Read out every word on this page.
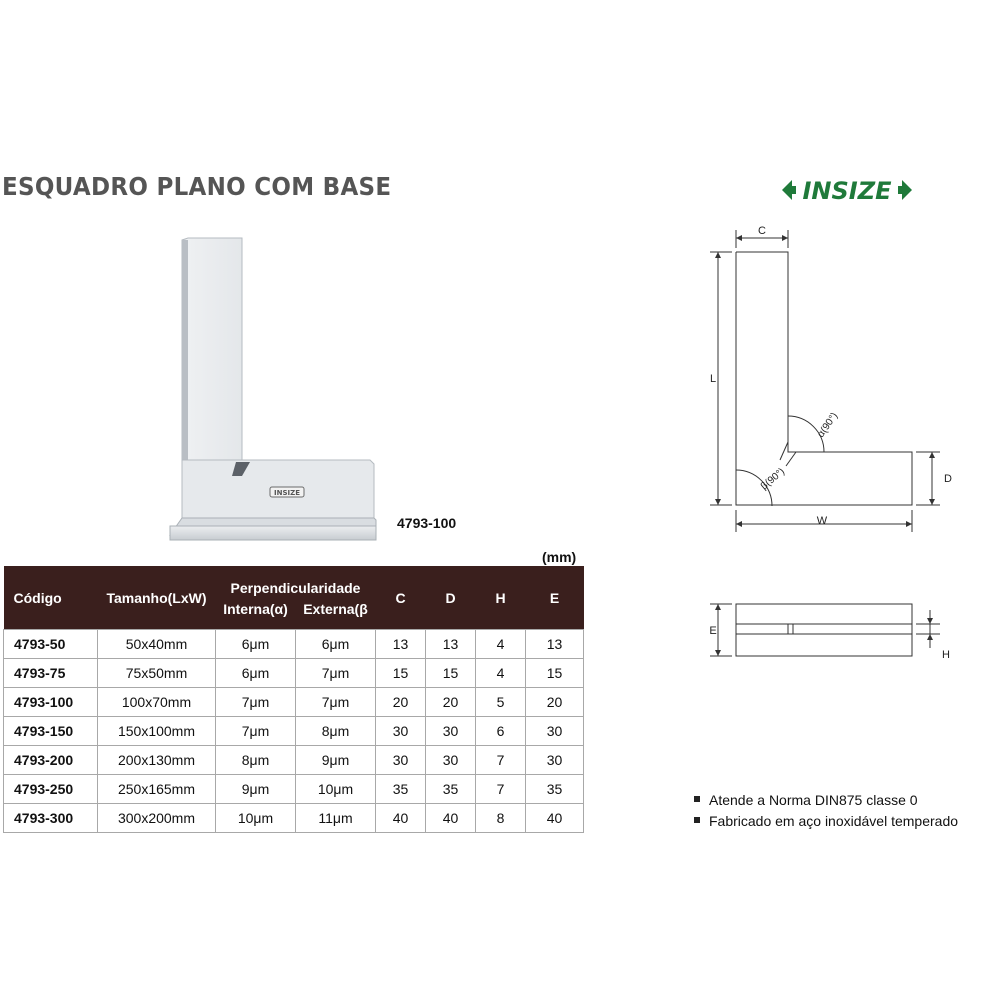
ESQUADRO PLANO COM BASE	INSIZE
INSIZE
4793-100
(mm)
Código	Tamanho(LxW)	Perpendicularidade		C	D	H	E
		Interna(α)	Externa(β				
4793-50	50x40mm	6μm	6μm	13	13	4	13
4793-75	75x50mm	6μm	7μm	15	15	4	15
4793-100	100x70mm	7μm	7μm	20	20	5	20
4793-150	150x100mm	7μm	8μm	30	30	6	30
4793-200	200x130mm	8μm	9μm	30	30	7	30
4793-250	250x165mm	9μm	10μm	35	35	7	35
4793-300	300x200mm	10μm	11μm	40	40	8	40
C
L
α(90°)
β(90°)	D
W
E
H
Atende a Norma DIN875 classe 0
Fabricado em aço inoxidável temperado
